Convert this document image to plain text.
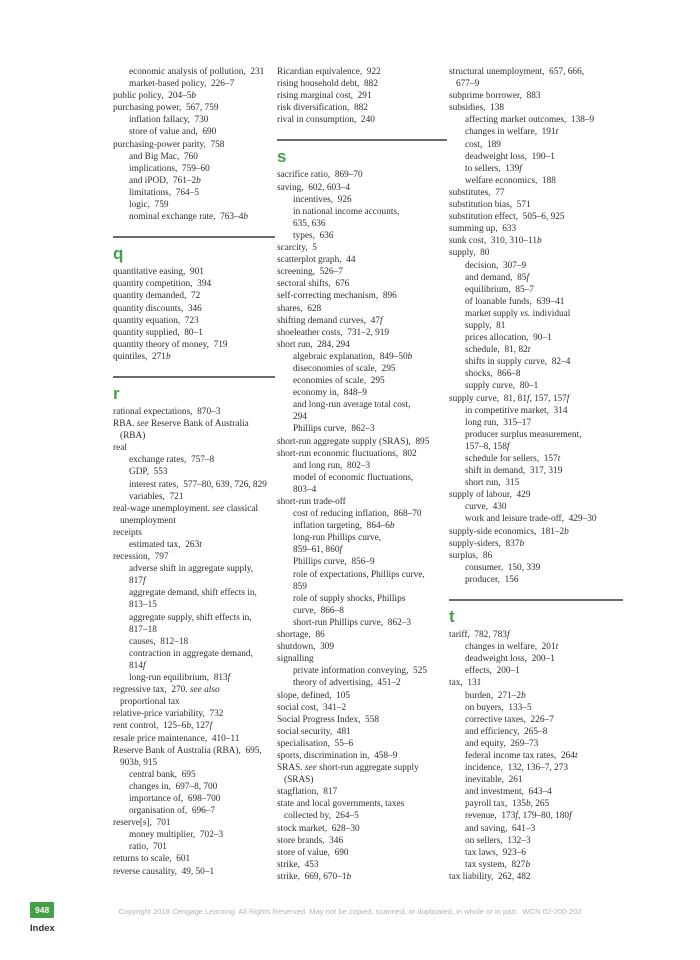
economic analysis of pollution,  231
market-based policy,  226–7
public policy,  204–5b
purchasing power,  567, 759
inflation fallacy,  730
store of value and,  690
purchasing-power parity,  758
and Big Mac,  760
implications,  759–60
and iPOD,  761–2b
limitations,  764–5
logic,  759
nominal exchange rate,  763–4b
q
quantitative easing,  901
quantity competition,  394
quantity demanded,  72
quantity discounts,  346
quantity equation,  723
quantity supplied,  80–1
quantity theory of money,  719
quintiles,  271b
r
rational expectations,  870–3
RBA. see Reserve Bank of Australia
(RBA)
real
exchange rates,  757–8
GDP,  553
interest rates,  577–80, 639, 726, 829
variables,  721
real-wage unemployment. see classical
unemployment
receipts
estimated tax,  263t
recession,  797
adverse shift in aggregate supply,
817f
aggregate demand, shift effects in,
813–15
aggregate supply, shift effects in,
817–18
causes,  812–18
contraction in aggregate demand,
814f
long-run equilibrium,  813f
regressive tax,  270. see also
proportional tax
relative-price variability,  732
rent control,  125–6b, 127f
resale price maintenance,  410–11
Reserve Bank of Australia (RBA),  695,
903b, 915
central bank,  695
changes in,  697–8, 700
importance of,  698–700
organisation of,  696–7
reserve[s],  701
money multiplier,  702–3
ratio,  701
returns to scale,  601
reverse causality,  49, 50–1
Ricardian equivalence,  922
rising household debt,  882
rising marginal cost,  291
risk diversification,  882
rival in consumption,  240
s
sacrifice ratio,  869–70
saving,  602, 603–4
incentives,  926
in national income accounts,
635, 636
types,  636
scarcity,  5
scatterplot graph,  44
screening,  526–7
sectoral shifts,  676
self-correcting mechanism,  896
shares,  628
shifting demand curves,  47f
shoeleather costs,  731–2, 919
short run,  284, 294
algebraic explanation,  849–50b
diseconomies of scale,  295
economies of scale,  295
economy in,  848–9
and long-run average total cost,
294
Phillips curve,  862–3
short-run aggregate supply (SRAS),  895
short-run economic fluctuations,  802
and long run,  802–3
model of economic fluctuations,
803–4
short-run trade-off
cost of reducing inflation,  868–70
inflation targeting,  864–6b
long-run Phillips curve,
859–61, 860f
Phillips curve,  856–9
role of expectations, Phillips curve,
859
role of supply shocks, Phillips
curve,  866–8
short-run Phillips curve,  862–3
shortage,  86
shutdown,  309
signalling
private information conveying,  525
theory of advertising,  451–2
slope, defined,  105
social cost,  341–2
Social Progress Index,  558
social security,  481
specialisation,  55–6
sports, discrimination in,  458–9
SRAS. see short-run aggregate supply
(SRAS)
stagflation,  817
state and local governments, taxes
collected by,  264–5
stock market,  628–30
store brands,  346
store of value,  690
strike,  453
strike,  669, 670–1b
structural unemployment,  657, 666,
677–9
subprime borrower,  883
subsidies,  138
affecting market outcomes,  138–9
changes in welfare,  191t
cost,  189
deadweight loss,  190–1
to sellers,  139f
welfare economics,  188
substitutes,  77
substitution bias,  571
substitution effect,  505–6, 925
summing up,  633
sunk cost,  310, 310–11b
supply,  80
decision,  307–9
and demand,  85f
equilibrium,  85–7
of loanable funds,  639–41
market supply vs. individual
supply,  81
prices allocation,  90–1
schedule,  81, 82t
shifts in supply curve,  82–4
shocks,  866–8
supply curve,  80–1
supply curve,  81, 81f, 157, 157f
in competitive market,  314
long run,  315–17
producer surplus measurement,
157–8, 158f
schedule for sellers,  157t
shift in demand,  317, 319
short run,  315
supply of labour,  429
curve,  430
work and leisure trade-off,  429–30
supply-side economics,  181–2b
supply-siders,  837b
surplus,  86
consumer,  150, 339
producer,  156
t
tariff,  782, 783f
changes in welfare,  201t
deadweight loss,  200–1
effects,  200–1
tax,  131
burden,  271–2b
on buyers,  133–5
corrective taxes,  226–7
and efficiency,  265–8
and equity,  269–73
federal income tax rates,  264t
incidence,  132, 136–7, 273
inevitable,  261
and investment,  643–4
payroll tax,  135b, 265
revenue,  173f, 179–80, 180f
and saving,  641–3
on sellers,  132–3
tax laws,  923–6
tax system,  827b
tax liability,  262, 482
948
Index
Copyright 2018 Cengage Learning. All Rights Reserved. May not be copied, scanned, or duplicated, in whole or in part.  WCN 02-200-202
